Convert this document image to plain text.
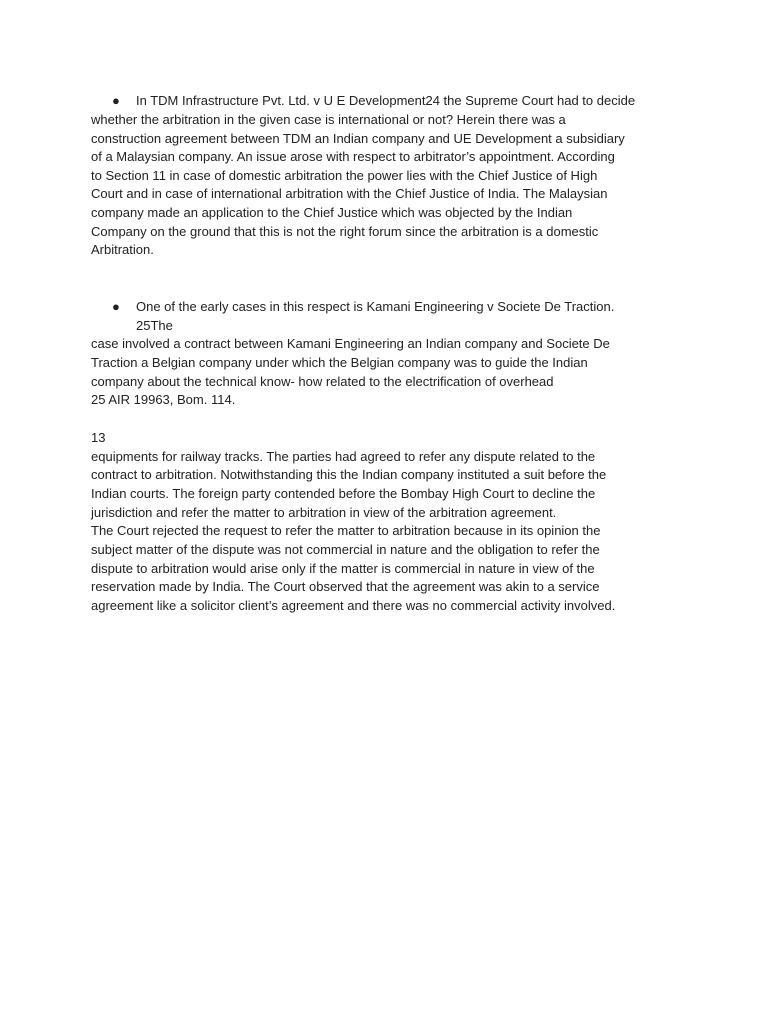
● In TDM Infrastructure Pvt. Ltd. v U E Development24 the Supreme Court had to decide
whether the arbitration in the given case is international or not? Herein there was a
construction agreement between TDM an Indian company and UE Development a subsidiary
of a Malaysian company. An issue arose with respect to arbitrator’s appointment. According
to Section 11 in case of domestic arbitration the power lies with the Chief Justice of High
Court and in case of international arbitration with the Chief Justice of India. The Malaysian
company made an application to the Chief Justice which was objected by the Indian
Company on the ground that this is not the right forum since the arbitration is a domestic
Arbitration.
● One of the early cases in this respect is Kamani Engineering v Societe De Traction.
25The
case involved a contract between Kamani Engineering an Indian company and Societe De
Traction a Belgian company under which the Belgian company was to guide the Indian
company about the technical know- how related to the electrification of overhead
25 AIR 19963, Bom. 114.
13
equipments for railway tracks. The parties had agreed to refer any dispute related to the
contract to arbitration. Notwithstanding this the Indian company instituted a suit before the
Indian courts. The foreign party contended before the Bombay High Court to decline the
jurisdiction and refer the matter to arbitration in view of the arbitration agreement.
The Court rejected the request to refer the matter to arbitration because in its opinion the
subject matter of the dispute was not commercial in nature and the obligation to refer the
dispute to arbitration would arise only if the matter is commercial in nature in view of the
reservation made by India. The Court observed that the agreement was akin to a service
agreement like a solicitor client’s agreement and there was no commercial activity involved.
